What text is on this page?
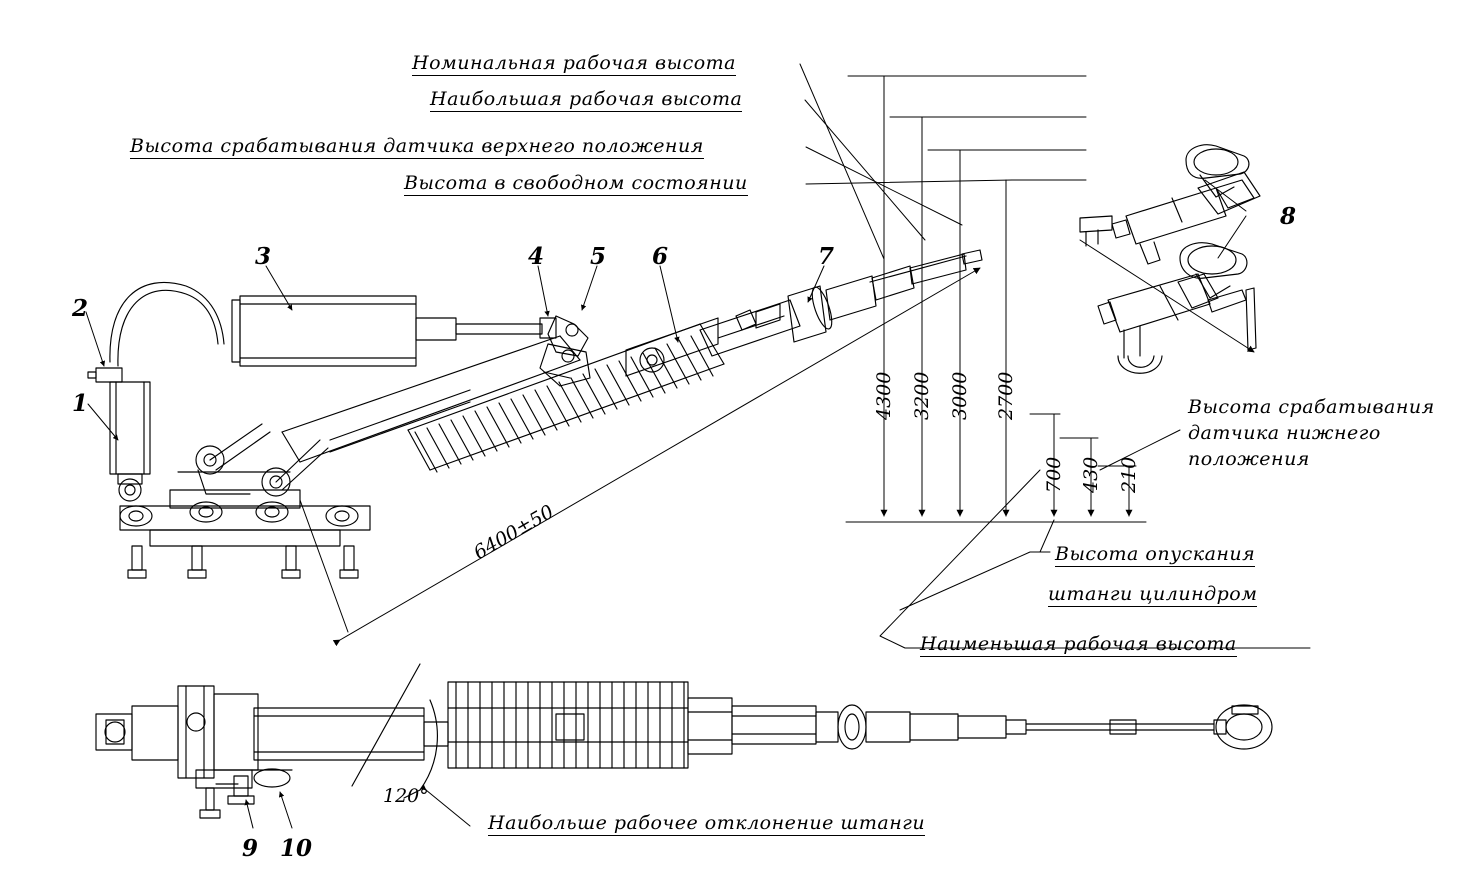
Номинальная рабочая высота
Наибольшая рабочая высота
Высота срабатывания датчика верхнего положения
Высота в свободном состоянии
Высота срабатывания
датчика нижнего
положения
Высота опускания
штанги цилиндром
Наименьшая рабочая высота
Наибольше рабочее отклонение штанги
1
2
3	4 5 6	7
8
9 10
4300 3200 3000 2700
700 430 210
6400±50
120°
